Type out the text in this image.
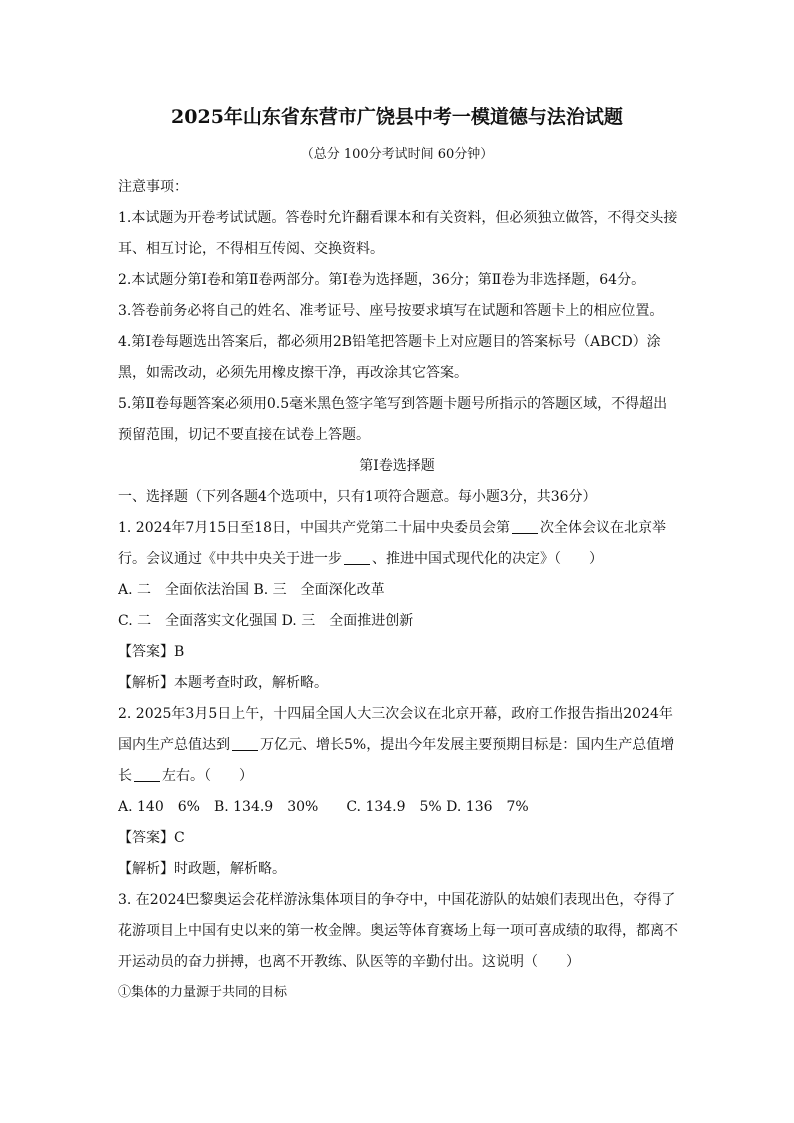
2025年山东省东营市广饶县中考一模道德与法治试题
（总分 100分考试时间 60分钟）
注意事项：
1.本试题为开卷考试试题。答卷时允许翻看课本和有关资料，但必须独立做答，不得交头接
耳、相互讨论，不得相互传阅、交换资料。
2.本试题分第Ⅰ卷和第Ⅱ卷两部分。第Ⅰ卷为选择题，36分；第Ⅱ卷为非选择题，64分。
3.答卷前务必将自己的姓名、准考证号、座号按要求填写在试题和答题卡上的相应位置。
4.第Ⅰ卷每题选出答案后，都必须用2B铅笔把答题卡上对应题目的答案标号（ABCD）涂
黑，如需改动，必须先用橡皮擦干净，再改涂其它答案。
5.第Ⅱ卷每题答案必须用0.5毫米黑色签字笔写到答题卡题号所指示的答题区域，不得超出
预留范围，切记不要直接在试卷上答题。
第Ⅰ卷选择题
一、选择题（下列各题4个选项中，只有1项符合题意。每小题3分，共36分）
1. 2024年7月15日至18日，中国共产党第二十届中央委员会第 次全体会议在北京举
行。会议通过《中共中央关于进一步 、推进中国式现代化的决定》（　　）
A. 二　全面依法治国 B. 三　全面深化改革
C. 二　全面落实文化强国 D. 三　全面推进创新
【答案】B
【解析】本题考查时政，解析略。
2. 2025年3月5日上午，十四届全国人大三次会议在北京开幕，政府工作报告指出2024年
国内生产总值达到 万亿元、增长5%，提出今年发展主要预期目标是：国内生产总值增
长 左右。（　　）
A. 140　6%　B. 134.9　30%　　C. 134.9　5% D. 136　7%
【答案】C
【解析】时政题，解析略。
3. 在2024巴黎奥运会花样游泳集体项目的争夺中，中国花游队的姑娘们表现出色，夺得了
花游项目上中国有史以来的第一枚金牌。奥运等体育赛场上每一项可喜成绩的取得，都离不
开运动员的奋力拼搏，也离不开教练、队医等的辛勤付出。这说明（　　）
①集体的力量源于共同的目标
